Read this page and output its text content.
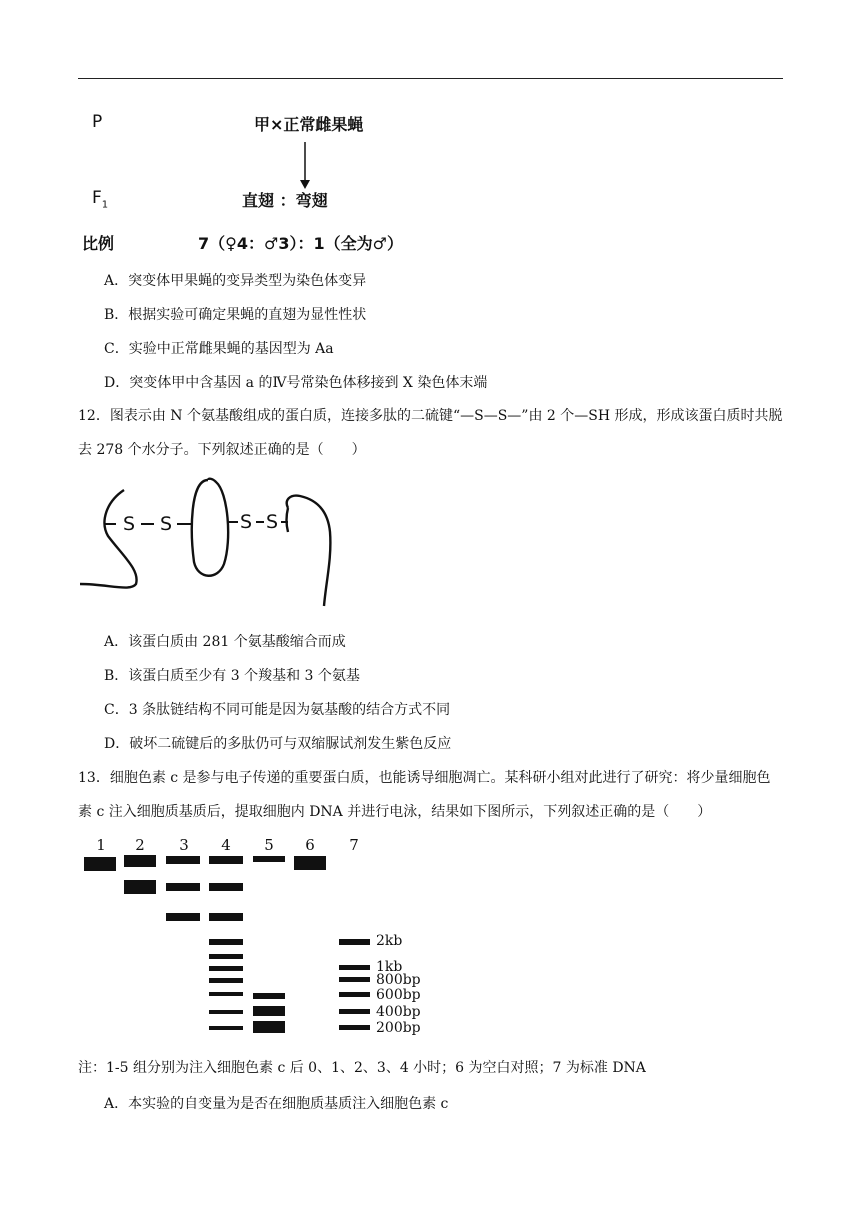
P	甲×正常雌果蝇
$F_1$	直翅 ：弯翅
比例	7（♀4：♂3）：1（全为♂）
A．突变体甲果蝇的变异类型为染色体变异
B．根据实验可确定果蝇的直翅为显性性状
C．实验中正常雌果蝇的基因型为 Aa
D．突变体甲中含基因 a 的Ⅳ号常染色体移接到 X 染色体末端
12．图表示由 N 个氨基酸组成的蛋白质，连接多肽的二硫键“—S—S—”由 2 个—SH 形成，形成该蛋白质时共脱去 278 个水分子。下列叙述正确的是（　　）
S S	S S
A．该蛋白质由 281 个氨基酸缩合而成
B．该蛋白质至少有 3 个羧基和 3 个氨基
C．3 条肽链结构不同可能是因为氨基酸的结合方式不同
D．破坏二硫键后的多肽仍可与双缩脲试剂发生紫色反应
13．细胞色素 c 是参与电子传递的重要蛋白质，也能诱导细胞凋亡。某科研小组对此进行了研究：将少量细胞色素 c 注入细胞质基质后，提取细胞内 DNA 并进行电泳，结果如下图所示，下列叙述正确的是（　　）
1	2	3	4	5	6	7
2kb
1kb
800bp
600bp
400bp
200bp
注：1-5 组分别为注入细胞色素 c 后 0、1、2、3、4 小时；6 为空白对照；7 为标准 DNA
A．本实验的自变量为是否在细胞质基质注入细胞色素 c
